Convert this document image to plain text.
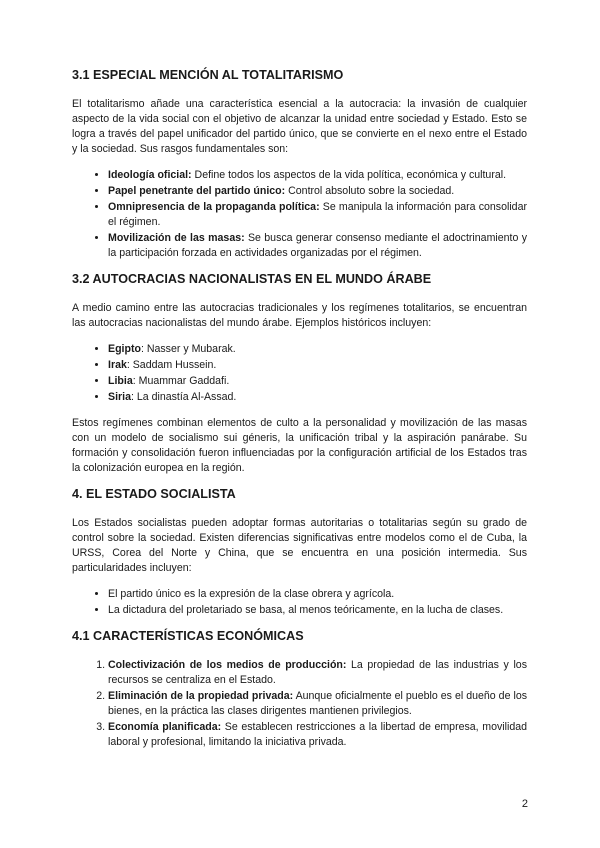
3.1 ESPECIAL MENCIÓN AL TOTALITARISMO

El totalitarismo añade una característica esencial a la autocracia: la invasión de cualquier aspecto de la vida social con el objetivo de alcanzar la unidad entre sociedad y Estado. Esto se logra a través del papel unificador del partido único, que se convierte en el nexo entre el Estado y la sociedad. Sus rasgos fundamentales son:

• Ideología oficial: Define todos los aspectos de la vida política, económica y cultural.
• Papel penetrante del partido único: Control absoluto sobre la sociedad.
• Omnipresencia de la propaganda política: Se manipula la información para consolidar el régimen.
• Movilización de las masas: Se busca generar consenso mediante el adoctrinamiento y la participación forzada en actividades organizadas por el régimen.
3.2 AUTOCRACIAS NACIONALISTAS EN EL MUNDO ÁRABE

A medio camino entre las autocracias tradicionales y los regímenes totalitarios, se encuentran las autocracias nacionalistas del mundo árabe. Ejemplos históricos incluyen:

• Egipto: Nasser y Mubarak.
• Irak: Saddam Hussein.
• Libia: Muammar Gaddafi.
• Siria: La dinastía Al-Assad.

Estos regímenes combinan elementos de culto a la personalidad y movilización de las masas con un modelo de socialismo sui géneris, la unificación tribal y la aspiración panárabe. Su formación y consolidación fueron influenciadas por la configuración artificial de los Estados tras la colonización europea en la región.

4. EL ESTADO SOCIALISTA

Los Estados socialistas pueden adoptar formas autoritarias o totalitarias según su grado de control sobre la sociedad. Existen diferencias significativas entre modelos como el de Cuba, la URSS, Corea del Norte y China, que se encuentra en una posición intermedia. Sus particularidades incluyen:

• El partido único es la expresión de la clase obrera y agrícola.
• La dictadura del proletariado se basa, al menos teóricamente, en la lucha de clases.
4.1 CARACTERÍSTICAS ECONÓMICAS
1. Colectivización de los medios de producción: La propiedad de las industrias y los recursos se centraliza en el Estado.
2. Eliminación de la propiedad privada: Aunque oficialmente el pueblo es el dueño de los bienes, en la práctica las clases dirigentes mantienen privilegios.
3. Economía planificada: Se establecen restricciones a la libertad de empresa, movilidad laboral y profesional, limitando la iniciativa privada.
2
